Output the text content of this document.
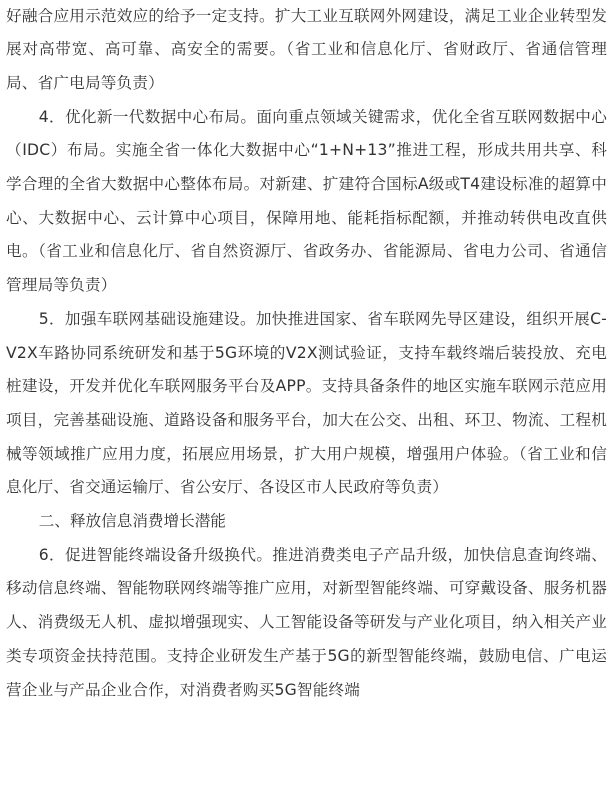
好融合应用示范效应的给予一定支持。扩大工业互联网外网建设，满足工业企业转型发展对高带宽、高可靠、高安全的需要。（省工业和信息化厅、省财政厅、省通信管理局、省广电局等负责）

4．优化新一代数据中心布局。面向重点领域关键需求，优化全省互联网数据中心（IDC）布局。实施全省一体化大数据中心“1+N+13”推进工程，形成共用共享、科学合理的全省大数据中心整体布局。对新建、扩建符合国标A级或T4建设标准的超算中心、大数据中心、云计算中心项目，保障用地、能耗指标配额，并推动转供电改直供电。（省工业和信息化厅、省自然资源厅、省政务办、省能源局、省电力公司、省通信管理局等负责）

5．加强车联网基础设施建设。加快推进国家、省车联网先导区建设，组织开展C-V2X车路协同系统研发和基于5G环境的V2X测试验证，支持车载终端后装投放、充电桩建设，开发并优化车联网服务平台及APP。支持具备条件的地区实施车联网示范应用项目，完善基础设施、道路设备和服务平台，加大在公交、出租、环卫、物流、工程机械等领域推广应用力度，拓展应用场景，扩大用户规模，增强用户体验。（省工业和信息化厅、省交通运输厅、省公安厅、各设区市人民政府等负责）

二、释放信息消费增长潜能

6．促进智能终端设备升级换代。推进消费类电子产品升级，加快信息查询终端、移动信息终端、智能物联网终端等推广应用，对新型智能终端、可穿戴设备、服务机器人、消费级无人机、虚拟增强现实、人工智能设备等研发与产业化项目，纳入相关产业类专项资金扶持范围。支持企业研发生产基于5G的新型智能终端，鼓励电信、广电运营企业与产品企业合作，对消费者购买5G智能终端
